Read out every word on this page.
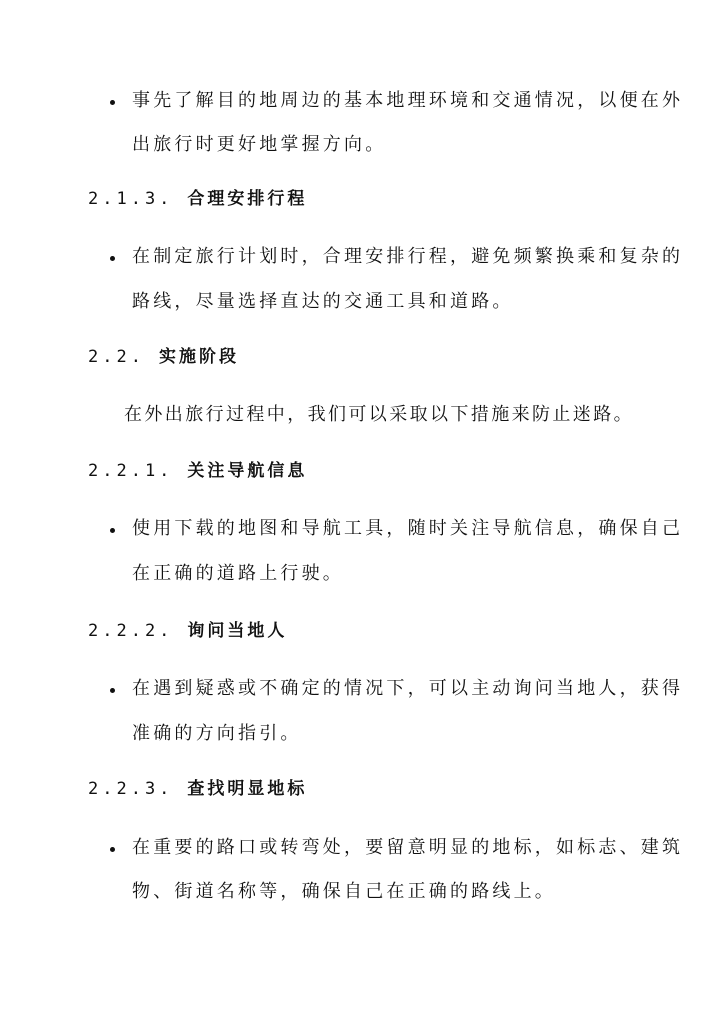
事先了解目的地周边的基本地理环境和交通情况，以便在外
出旅行时更好地掌握方向。
2.1.3. 合理安排行程
在制定旅行计划时，合理安排行程，避免频繁换乘和复杂的
路线，尽量选择直达的交通工具和道路。
2.2. 实施阶段
在外出旅行过程中，我们可以采取以下措施来防止迷路。
2.2.1. 关注导航信息
使用下载的地图和导航工具，随时关注导航信息，确保自己
在正确的道路上行驶。
2.2.2. 询问当地人
在遇到疑惑或不确定的情况下，可以主动询问当地人，获得
准确的方向指引。
2.2.3. 查找明显地标
在重要的路口或转弯处，要留意明显的地标，如标志、建筑
物、街道名称等，确保自己在正确的路线上。
